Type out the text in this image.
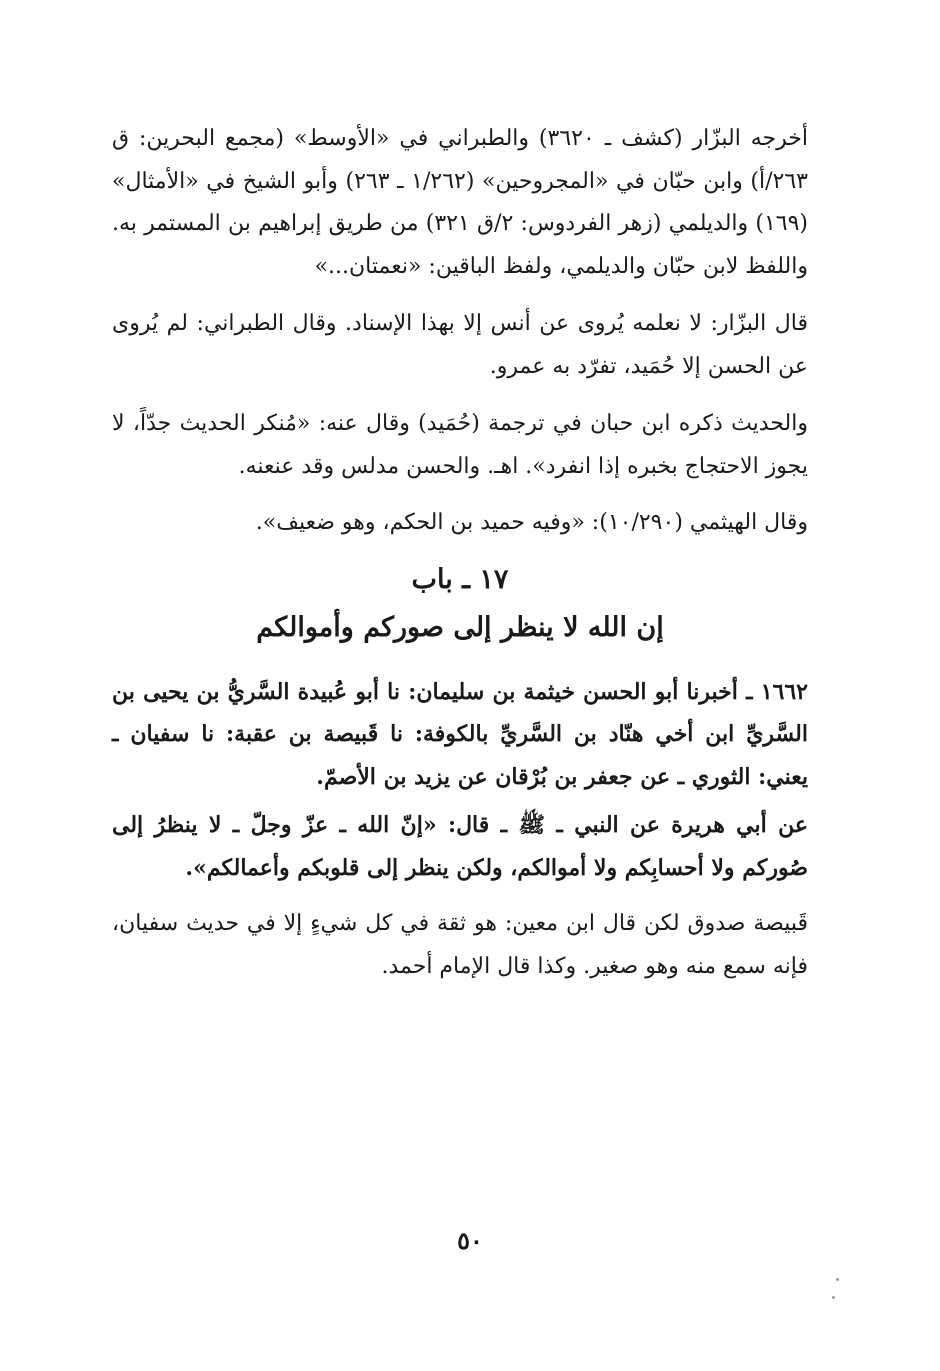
أخرجه البزّار (كشف ـ ٣٦٢٠) والطبراني في «الأوسط» (مجمع البحرين: ق ٢٦٣/أ) وابن حبّان في «المجروحين» (١/٢٦٢ ـ ٢٦٣) وأبو الشيخ في «الأمثال» (١٦٩) والديلمي (زهر الفردوس: ٢/ق ٣٢١) من طريق إبراهيم بن المستمر به. واللفظ لابن حبّان والديلمي، ولفظ الباقين: «نعمتان...»

قال البزّار: لا نعلمه يُروى عن أنس إلا بهذا الإسناد. وقال الطبراني: لم يُروى عن الحسن إلا حُمَيد، تفرّد به عمرو.

والحديث ذكره ابن حبان في ترجمة (حُمَيد) وقال عنه: «مُنكر الحديث جدّاً، لا يجوز الاحتجاج بخبره إذا انفرد». اهـ. والحسن مدلس وقد عنعنه.

وقال الهيثمي (١٠/٢٩٠): «وفيه حميد بن الحكم، وهو ضعيف».

١٧ ـ باب
إن الله لا ينظر إلى صوركم وأموالكم

١٦٦٢ ـ أخبرنا أبو الحسن خيثمة بن سليمان: نا أبو عُبيدة السَّريُّ بن يحيى بن السَّريِّ ابن أخي هنّاد بن السَّريِّ بالكوفة: نا قَبيصة بن عقبة: نا سفيان ـ يعني: الثوري ـ عن جعفر بن بُرْقان عن يزيد بن الأصمّ.

عن أبي هريرة عن النبي ـ ﷺ ـ قال: «إنّ الله ـ عزّ وجلّ ـ لا ينظرُ إلى صُوركم ولا أحسابِكم ولا أموالكم، ولكن ينظر إلى قلوبكم وأعمالكم».

قَبيصة صدوق لكن قال ابن معين: هو ثقة في كل شيءٍ إلا في حديث سفيان، فإنه سمع منه وهو صغير. وكذا قال الإمام أحمد.

٥٠
